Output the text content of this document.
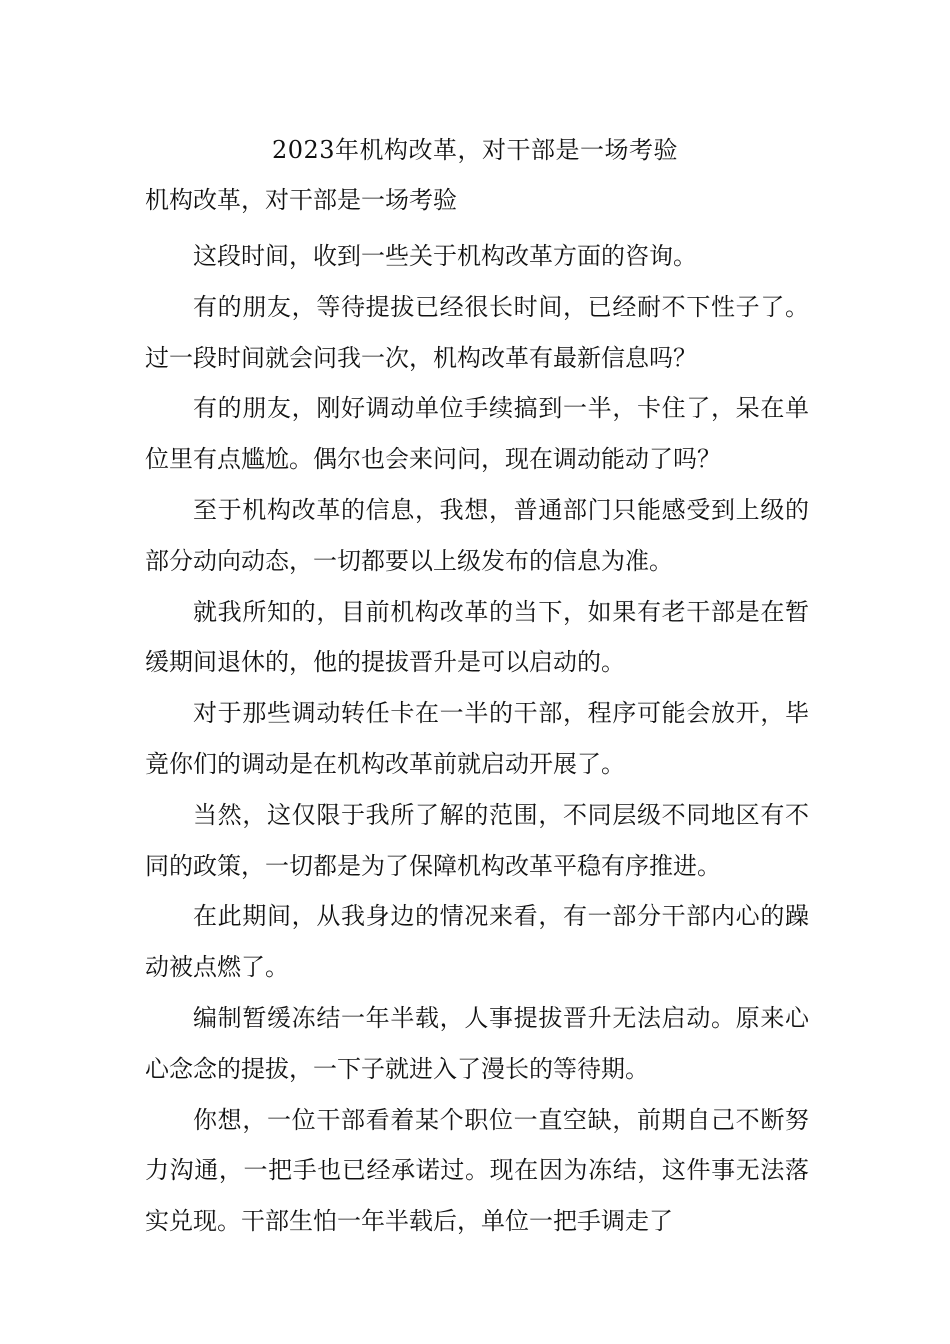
2023年机构改革，对干部是一场考验
机构改革，对干部是一场考验

这段时间，收到一些关于机构改革方面的咨询。

有的朋友，等待提拔已经很长时间，已经耐不下性子了。过一段时间就会问我一次，机构改革有最新信息吗？

有的朋友，刚好调动单位手续搞到一半，卡住了，呆在单位里有点尴尬。偶尔也会来问问，现在调动能动了吗？

至于机构改革的信息，我想，普通部门只能感受到上级的部分动向动态，一切都要以上级发布的信息为准。

就我所知的，目前机构改革的当下，如果有老干部是在暂缓期间退休的，他的提拔晋升是可以启动的。

对于那些调动转任卡在一半的干部，程序可能会放开，毕竟你们的调动是在机构改革前就启动开展了。

当然，这仅限于我所了解的范围，不同层级不同地区有不同的政策，一切都是为了保障机构改革平稳有序推进。

在此期间，从我身边的情况来看，有一部分干部内心的躁动被点燃了。

编制暂缓冻结一年半载，人事提拔晋升无法启动。原来心心念念的提拔，一下子就进入了漫长的等待期。

你想，一位干部看着某个职位一直空缺，前期自己不断努力沟通，一把手也已经承诺过。现在因为冻结，这件事无法落实兑现。干部生怕一年半载后，单位一把手调走了
